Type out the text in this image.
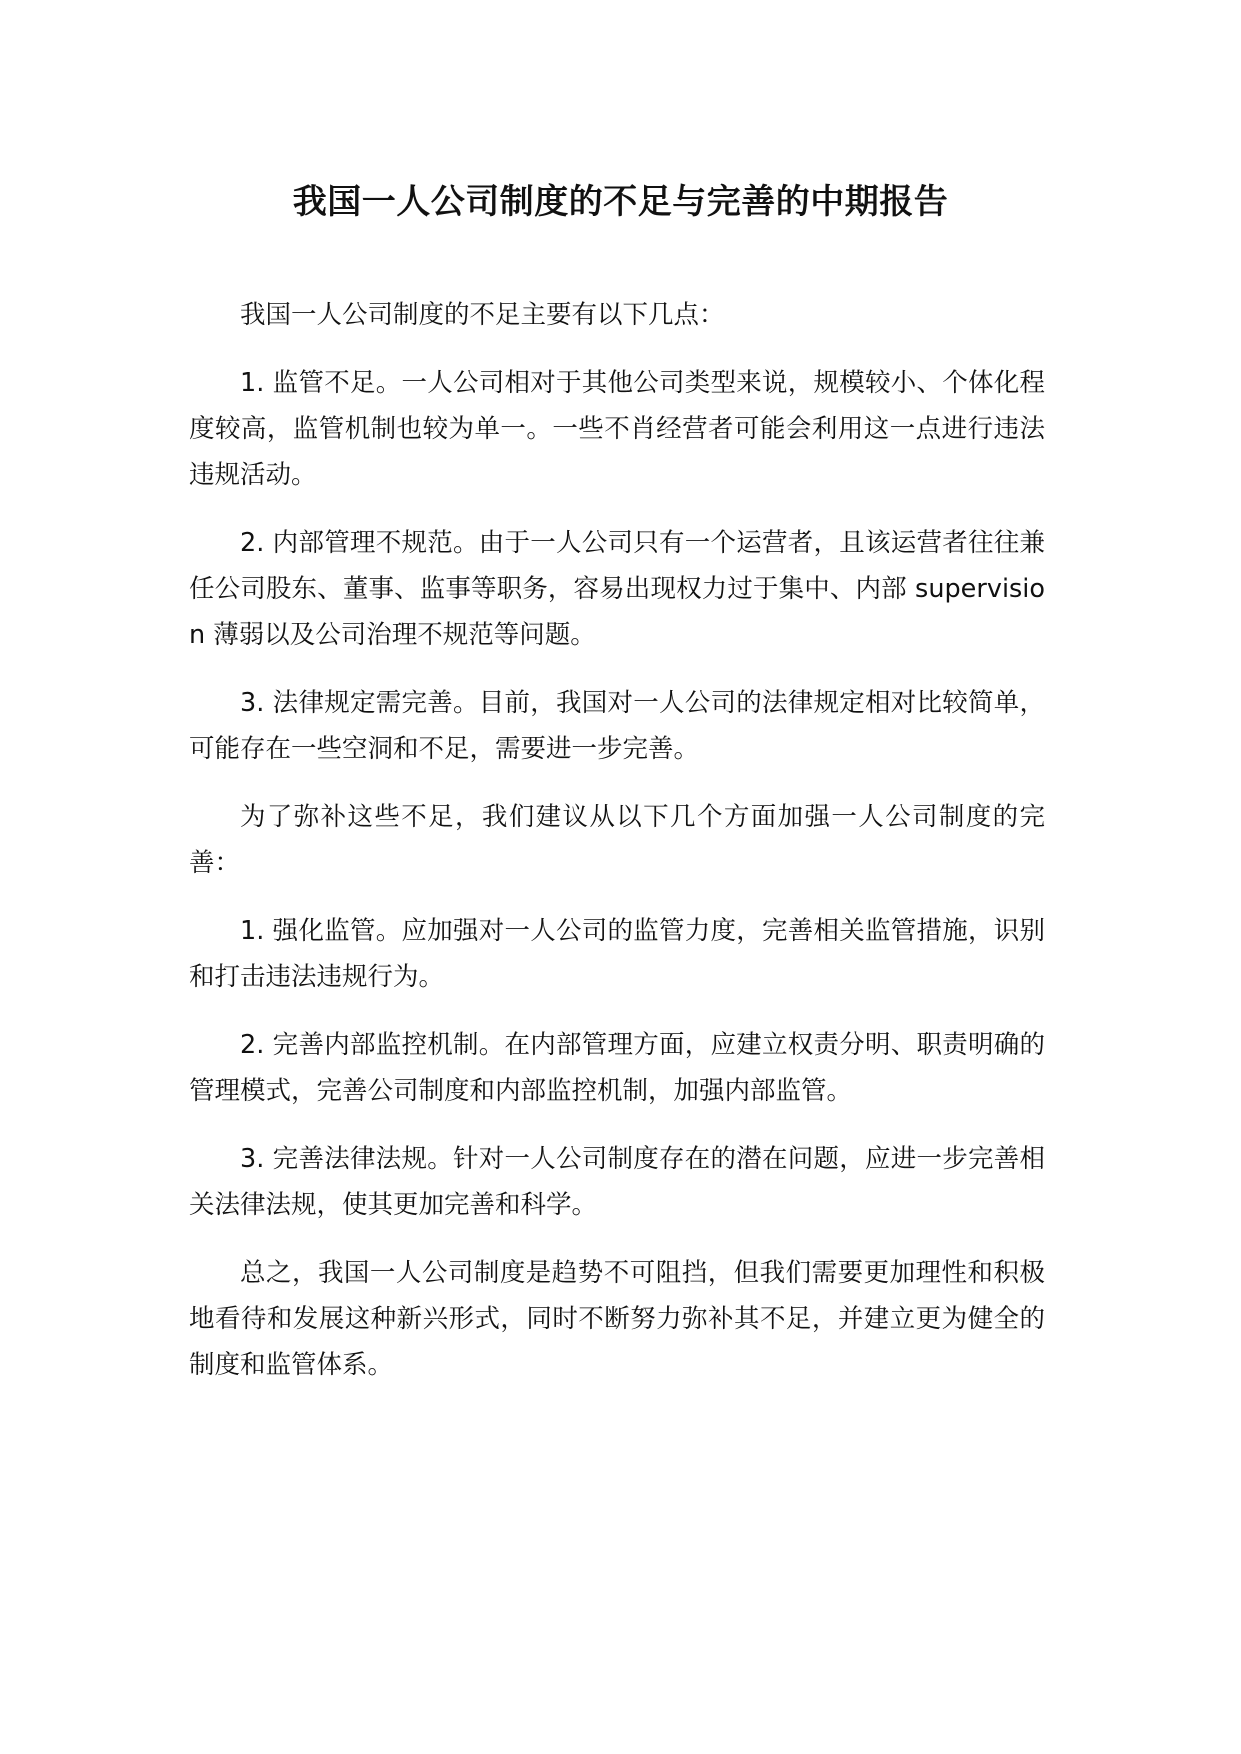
我国一人公司制度的不足与完善的中期报告

我国一人公司制度的不足主要有以下几点：

1. 监管不足。一人公司相对于其他公司类型来说，规模较小、个体化程度较高，监管机制也较为单一。一些不肖经营者可能会利用这一点进行违法违规活动。

2. 内部管理不规范。由于一人公司只有一个运营者，且该运营者往往兼任公司股东、董事、监事等职务，容易出现权力过于集中、内部 supervision 薄弱以及公司治理不规范等问题。

3. 法律规定需完善。目前，我国对一人公司的法律规定相对比较简单，可能存在一些空洞和不足，需要进一步完善。

为了弥补这些不足，我们建议从以下几个方面加强一人公司制度的完善：

1. 强化监管。应加强对一人公司的监管力度，完善相关监管措施，识别和打击违法违规行为。

2. 完善内部监控机制。在内部管理方面，应建立权责分明、职责明确的管理模式，完善公司制度和内部监控机制，加强内部监管。

3. 完善法律法规。针对一人公司制度存在的潜在问题，应进一步完善相关法律法规，使其更加完善和科学。

总之，我国一人公司制度是趋势不可阻挡，但我们需要更加理性和积极地看待和发展这种新兴形式，同时不断努力弥补其不足，并建立更为健全的制度和监管体系。
